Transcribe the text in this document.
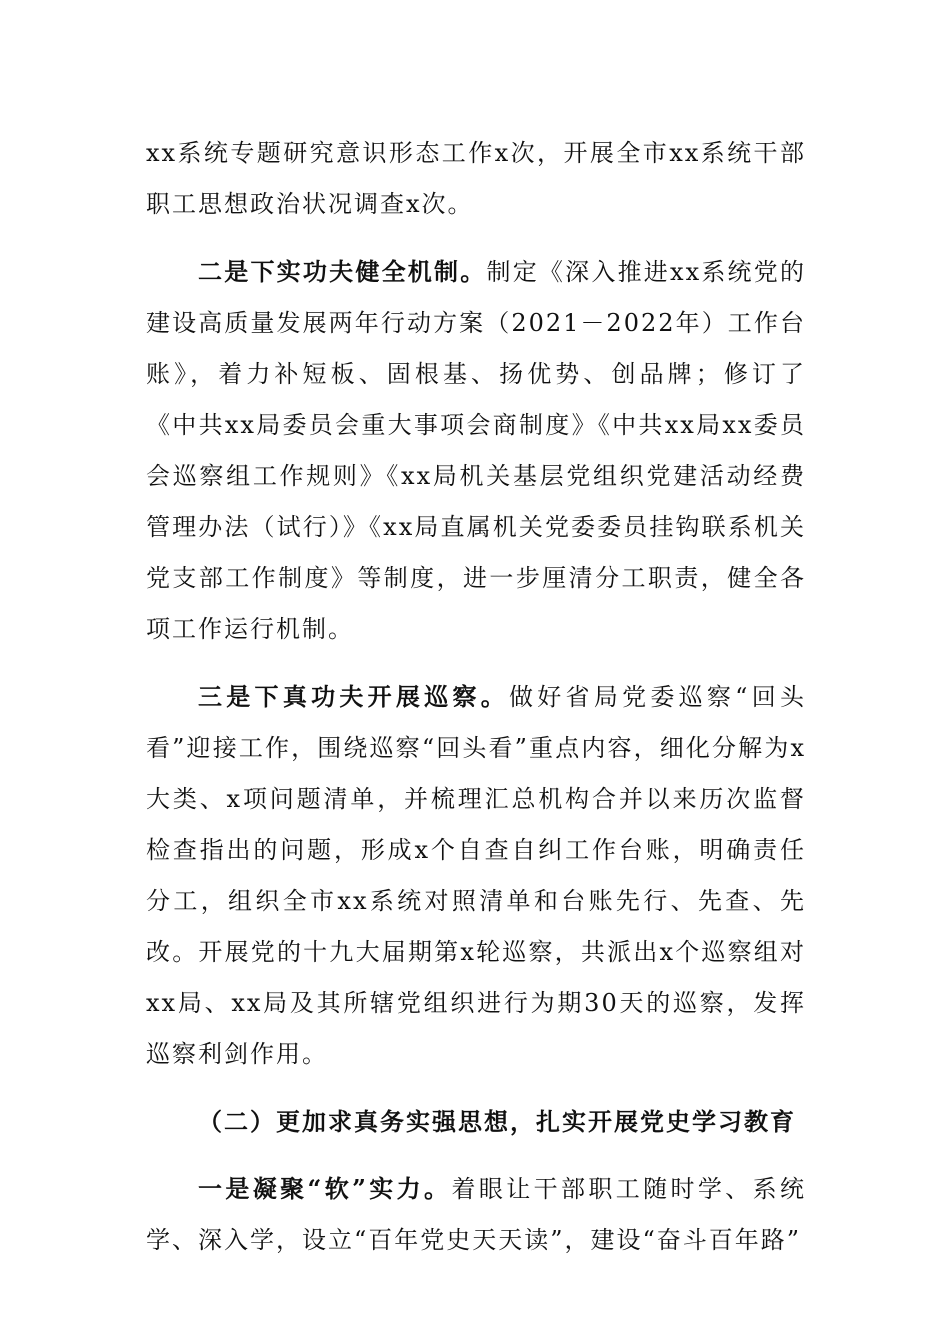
xx系统专题研究意识形态工作x次，开展全市xx系统干部职工思想政治状况调查x次。

二是下实功夫健全机制。制定《深入推进xx系统党的建设高质量发展两年行动方案（2021－2022年）工作台账》，着力补短板、固根基、扬优势、创品牌；修订了《中共xx局委员会重大事项会商制度》《中共xx局xx委员会巡察组工作规则》《xx局机关基层党组织党建活动经费管理办法（试行）》《xx局直属机关党委委员挂钩联系机关党支部工作制度》等制度，进一步厘清分工职责，健全各项工作运行机制。

三是下真功夫开展巡察。做好省局党委巡察“回头看”迎接工作，围绕巡察“回头看”重点内容，细化分解为x大类、x项问题清单，并梳理汇总机构合并以来历次监督检查指出的问题，形成x个自查自纠工作台账，明确责任分工，组织全市xx系统对照清单和台账先行、先查、先改。开展党的十九大届期第x轮巡察，共派出x个巡察组对xx局、xx局及其所辖党组织进行为期30天的巡察，发挥巡察利剑作用。

（二）更加求真务实强思想，扎实开展党史学习教育

一是凝聚“软”实力。着眼让干部职工随时学、系统学、深入学，设立“百年党史天天读”，建设“奋斗百年路”
